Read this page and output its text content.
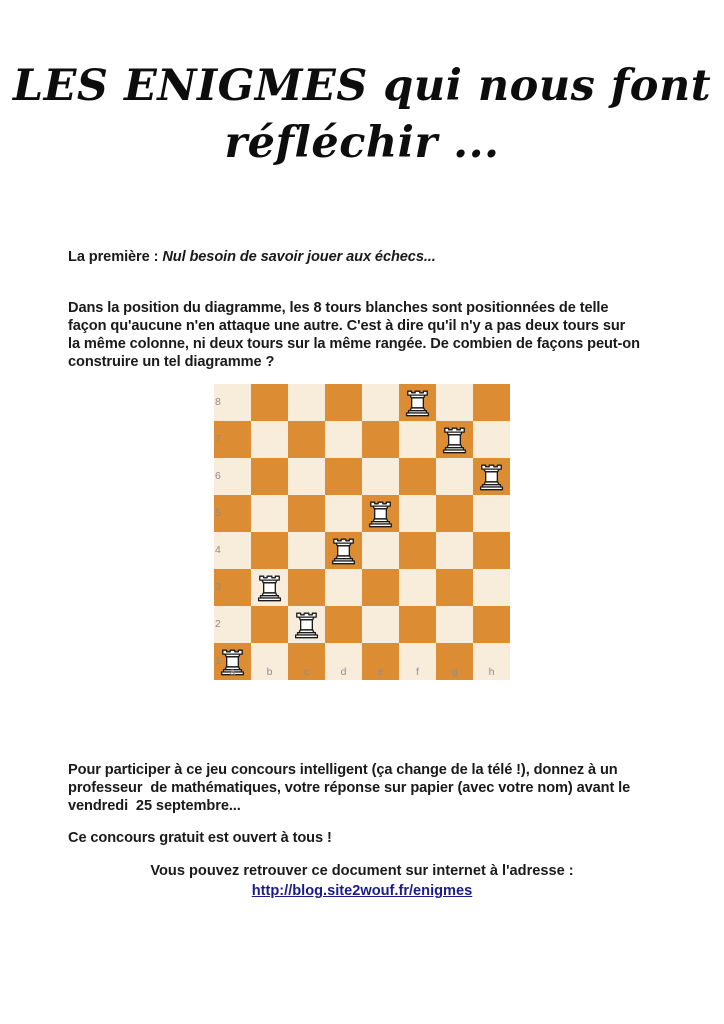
LES ENIGMES qui nous font
réfléchir ...
La première : Nul besoin de savoir jouer aux échecs...
Dans la position du diagramme, les 8 tours blanches sont positionnées de telle
façon qu'aucune n'en attaque une autre. C'est à dire qu'il n'y a pas deux tours sur
la même colonne, ni deux tours sur la même rangée. De combien de façons peut-on
construire un tel diagramme ?
8
7
6
5
4
3
2
1
a	b	c	d	e	f	g	h
Pour participer à ce jeu concours intelligent (ça change de la télé !), donnez à un
professeur  de mathématiques, votre réponse sur papier (avec votre nom) avant le
vendredi  25 septembre...
Ce concours gratuit est ouvert à tous !
Vous pouvez retrouver ce document sur internet à l'adresse :
http://blog.site2wouf.fr/enigmes
